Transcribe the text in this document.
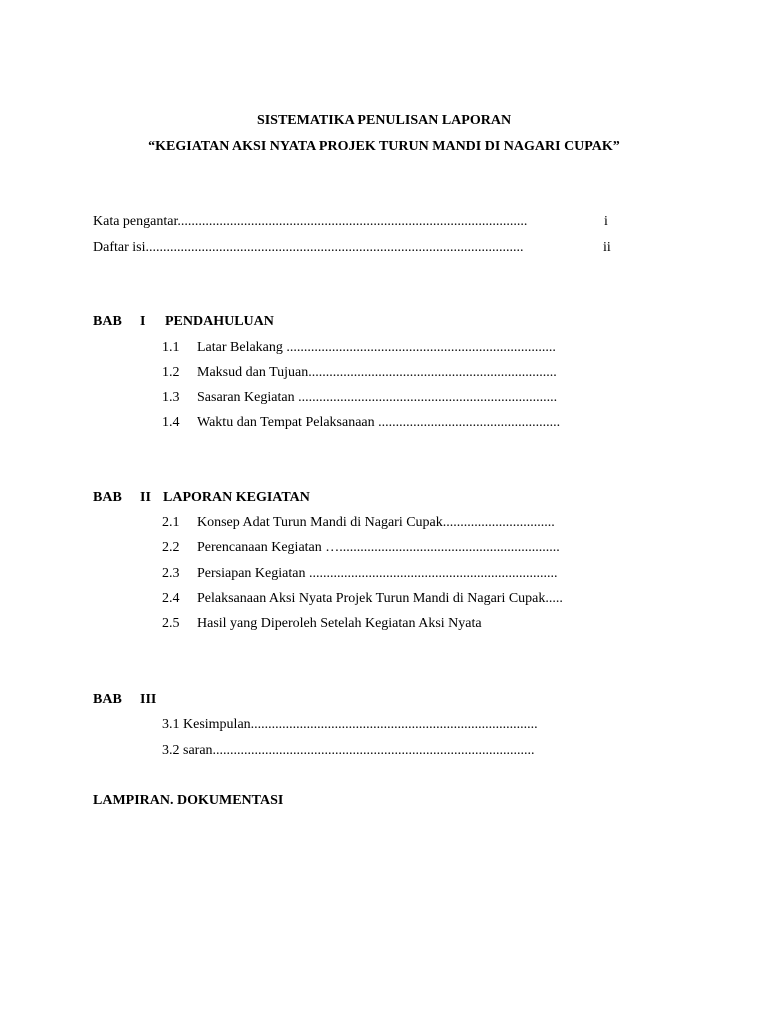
SISTEMATIKA PENULISAN LAPORAN
“KEGIATAN AKSI NYATA PROJEK TURUN MANDI DI NAGARI CUPAK”
Kata pengantar....................................................................................................	i
Daftar isi............................................................................................................	ii
BAB I PENDAHULUAN
1.1 Latar Belakang .............................................................................
1.2 Maksud dan Tujuan.......................................................................
1.3 Sasaran Kegiatan ..........................................................................
1.4 Waktu dan Tempat Pelaksanaan ....................................................
BAB II LAPORAN KEGIATAN
2.1 Konsep Adat Turun Mandi di Nagari Cupak................................
2.2 Perencanaan Kegiatan …...............................................................
2.3 Persiapan Kegiatan .......................................................................
2.4 Pelaksanaan Aksi Nyata Projek Turun Mandi di Nagari Cupak.....
2.5 Hasil yang Diperoleh Setelah Kegiatan Aksi Nyata
BAB III
3.1 Kesimpulan..................................................................................
3.2 saran............................................................................................
LAMPIRAN. DOKUMENTASI
